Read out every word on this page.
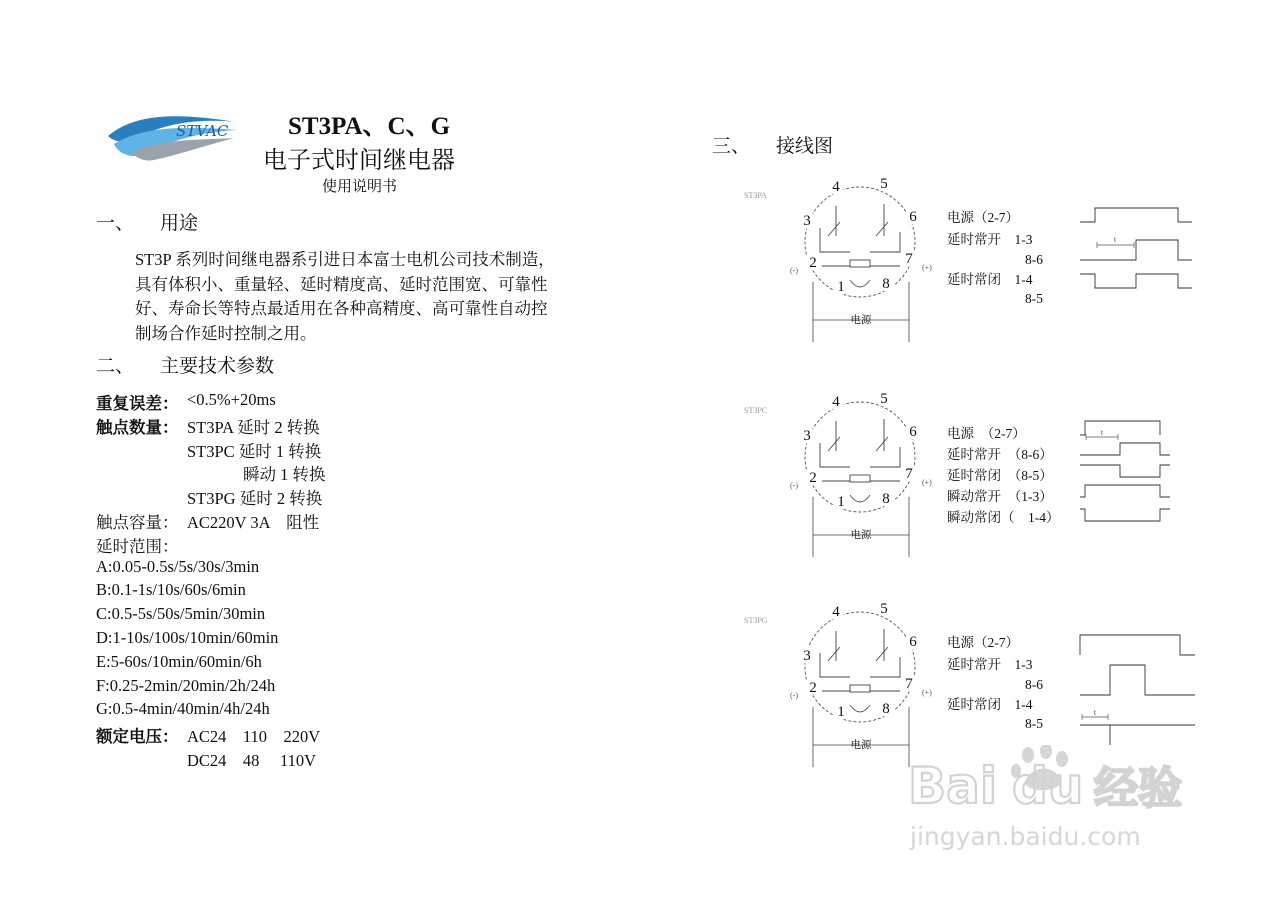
STVAC ST3PA、C、G
电子式时间继电器
使用说明书
一、 用途
ST3P 系列时间继电器系引进日本富士电机公司技术制造，
具有体积小、重量轻、延时精度高、延时范围宽、可靠性
好、寿命长等特点最适用在各种高精度、高可靠性自动控
制场合作延时控制之用。
二、 主要技术参数
重复误差： <0.5%+20ms
触点数量： ST3PA 延时 2 转换
ST3PC 延时 1 转换
瞬动 1 转换
ST3PG 延时 2 转换
触点容量： AC220V 3A　阻性
延时范围：
A:0.05-0.5s/5s/30s/3min
B:0.1-1s/10s/60s/6min
C:0.5-5s/50s/5min/30min
D:1-10s/100s/10min/60min
E:5-60s/10min/60min/6h
F:0.25-2min/20min/2h/24h
G:0.5-4min/40min/4h/24h
额定电压： AC24　110　220V
DC24　48　 110V
三、 接线图
ST3PA
1
2
3
4	5
6
7
8
(-)	(+)
电源
电源（2-7）
延时常开　1-3
8-6
延时常闭　1-4
8-5
t
ST3PC
1
2
3
4	5
6
7
8
(-)	(+)
电源
电源　（2-7）
延时常开　（8-6）
延时常闭　（8-5）
瞬动常开　（1-3）
瞬动常闭（　1-4）
t
ST3PG
1
2
3
4	5
6
7
8
(-)	(+)
电源
电源（2-7）
延时常开　1-3
8-6
延时常闭　1-4
8-5
t
Bai du 经验
jingyan.baidu.com
